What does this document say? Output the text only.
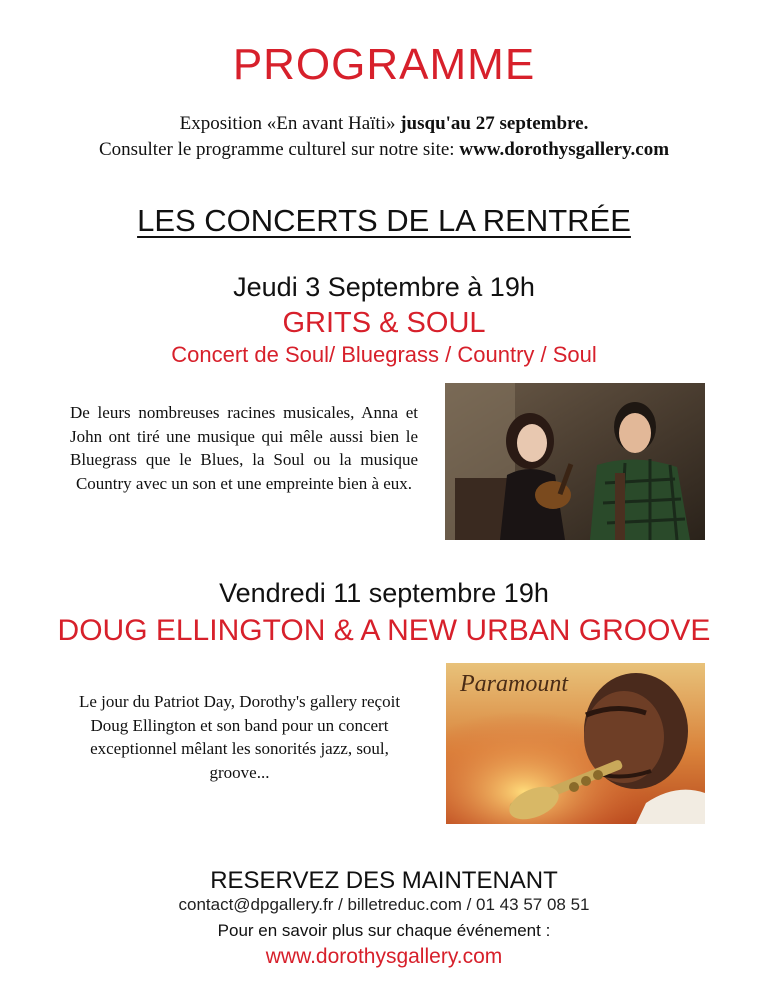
PROGRAMME
Exposition «En avant Haïti» jusqu'au 27 septembre.
Consulter le programme culturel sur notre site: www.dorothysgallery.com
LES CONCERTS DE LA RENTRÉE
Jeudi 3 Septembre à 19h
GRITS & SOUL
Concert de Soul/ Bluegrass / Country / Soul
De leurs nombreuses racines musicales, Anna et John ont tiré une musique qui mêle aussi bien le Bluegrass que le Blues, la Soul ou la musique Country avec un son et une empreinte bien à eux.
Vendredi 11 septembre 19h
DOUG ELLINGTON & A NEW URBAN GROOVE
Le jour du Patriot Day, Dorothy's gallery reçoit Doug Ellington et son band pour un concert exceptionnel mêlant les sonorités jazz, soul, groove...
Paramount
RESERVEZ DES MAINTENANT
contact@dpgallery.fr / billetreduc.com / 01 43 57 08 51
Pour en savoir plus sur chaque événement :
www.dorothysgallery.com
